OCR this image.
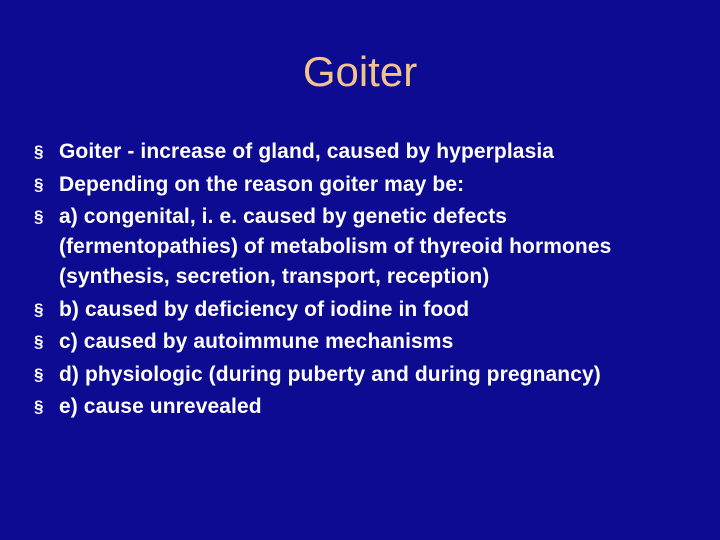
Goiter
§ Goiter - increase of gland, caused by hyperplasia
§ Depending on the reason goiter may be:
§ a) congenital, i. e. caused by genetic defects
(fermentopathies) of metabolism of thyreoid hormones
(synthesis, secretion, transport, reception)
§ b) caused by deficiency of iodine in food
§ c) caused by autoimmune mechanisms
§ d) physiologic (during puberty and during pregnancy)
§ e) cause unrevealed
